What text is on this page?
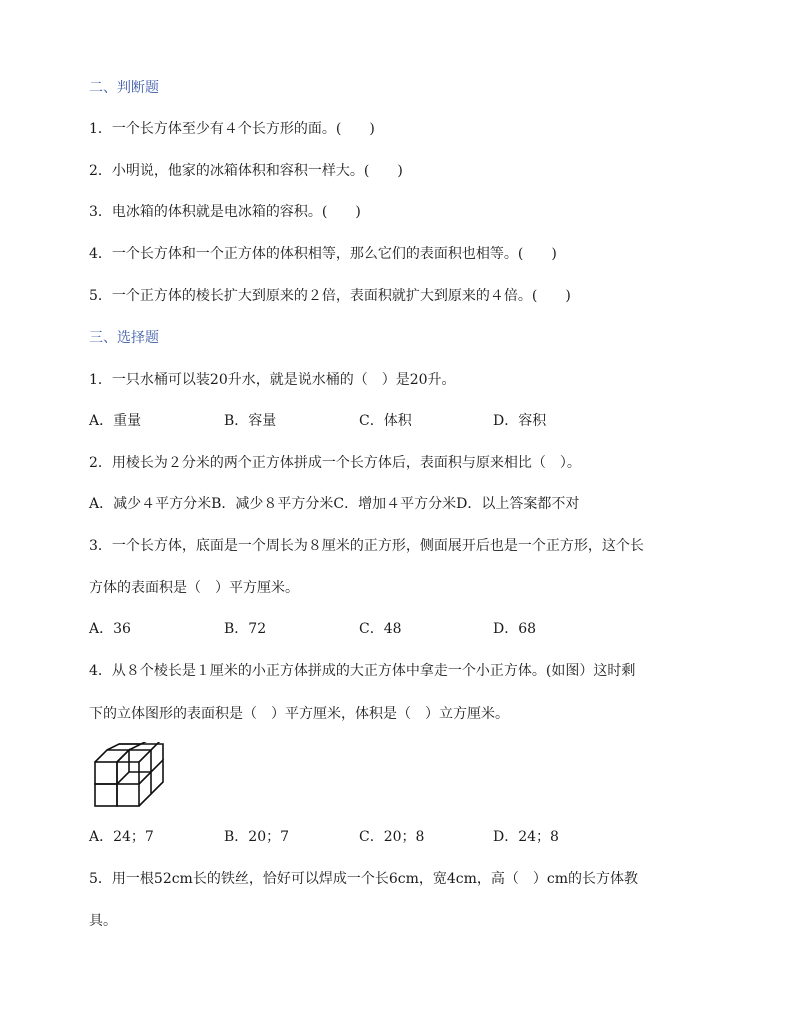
二、判断题
1．一个长方体至少有４个长方形的面。(　　)
2．小明说，他家的冰箱体积和容积一样大。(　　)
3．电冰箱的体积就是电冰箱的容积。(　　)
4．一个长方体和一个正方体的体积相等，那么它们的表面积也相等。(　　)
5．一个正方体的棱长扩大到原来的２倍，表面积就扩大到原来的４倍。(　　)
三、选择题
1．一只水桶可以装20升水，就是说水桶的（　）是20升。
A．重量	B．容量	C．体积	D．容积
2．用棱长为２分米的两个正方体拼成一个长方体后，表面积与原来相比（　）。
A．减少４平方分米B．减少８平方分米C．增加４平方分米D．以上答案都不对
3．一个长方体，底面是一个周长为８厘米的正方形，侧面展开后也是一个正方形，这个长
方体的表面积是（　）平方厘米。
A．36	B．72	C．48	D．68
4．从８个棱长是１厘米的小正方体拼成的大正方体中拿走一个小正方体。(如图）这时剩
下的立体图形的表面积是（　）平方厘米，体积是（　）立方厘米。
A．24；7	B．20；7	C．20；8	D．24；8
5．用一根52cm长的铁丝，恰好可以焊成一个长6cm，宽4cm，高（　）cm的长方体教
具。
